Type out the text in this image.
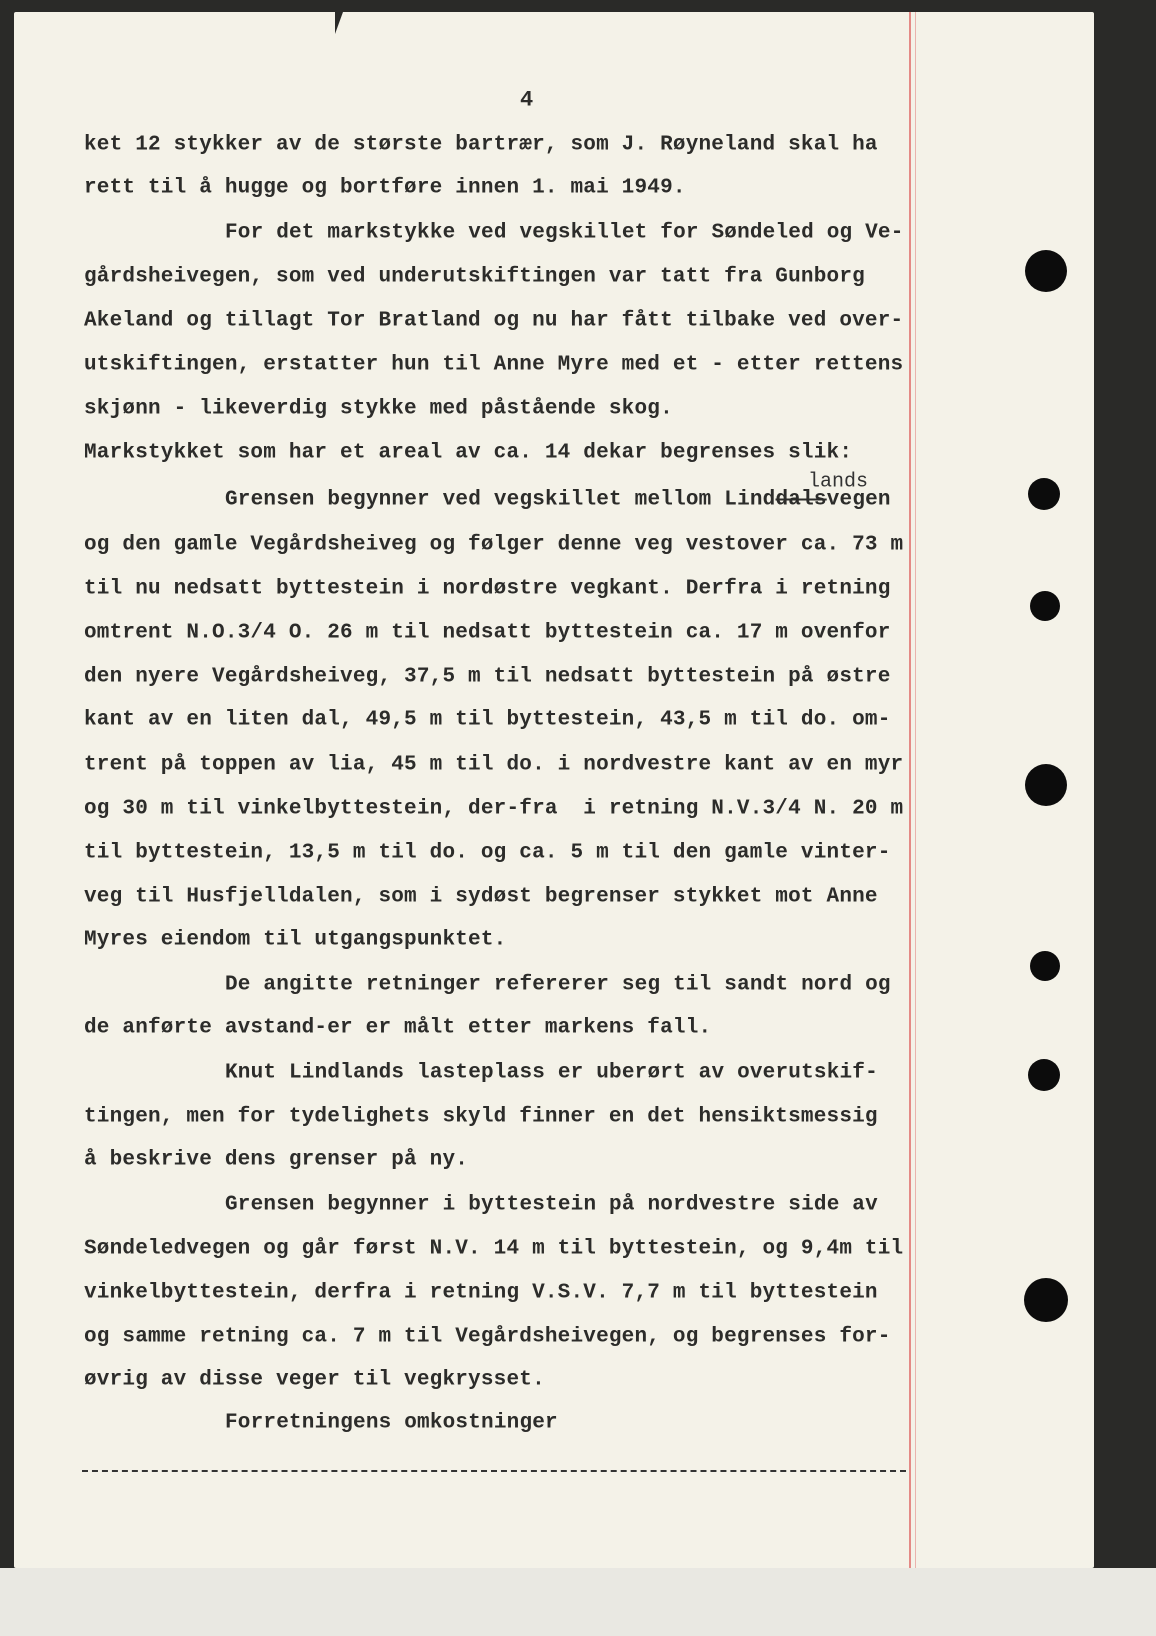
4
lands
ket 12 stykker av de største bartrær, som J. Røyneland skal ha
rett til å hugge og bortføre innen 1. mai 1949.
For det markstykke ved vegskillet for Søndeled og Ve-
gårdsheivegen, som ved underutskiftingen var tatt fra Gunborg
Akeland og tillagt Tor Bratland og nu har fått tilbake ved over-
utskiftingen, erstatter hun til Anne Myre med et - etter rettens
skjønn - likeverdig stykke med påstående skog.
Markstykket som har et areal av ca. 14 dekar begrenses slik:
og den gamle Vegårdsheiveg og følger denne veg vestover ca. 73 m
til nu nedsatt byttestein i nordøstre vegkant. Derfra i retning
omtrent N.O.3/4 O. 26 m til nedsatt byttestein ca. 17 m ovenfor
den nyere Vegårdsheiveg, 37,5 m til nedsatt byttestein på østre
kant av en liten dal, 49,5 m til byttestein, 43,5 m til do. om-
trent på toppen av lia, 45 m til do. i nordvestre kant av en myr
og 30 m til vinkelbyttestein, der-fra  i retning N.V.3/4 N. 20 m
til byttestein, 13,5 m til do. og ca. 5 m til den gamle vinter-
veg til Husfjelldalen, som i sydøst begrenser stykket mot Anne
Myres eiendom til utgangspunktet.
De angitte retninger refererer seg til sandt nord og
de anførte avstand-er er målt etter markens fall.
Knut Lindlands lasteplass er uberørt av overutskif-
tingen, men for tydelighets skyld finner en det hensiktsmessig
å beskrive dens grenser på ny.
Grensen begynner i byttestein på nordvestre side av
Søndeledvegen og går først N.V. 14 m til byttestein, og 9,4m til
vinkelbyttestein, derfra i retning V.S.V. 7,7 m til byttestein
og samme retning ca. 7 m til Vegårdsheivegen, og begrenses for-
øvrig av disse veger til vegkrysset.
Forretningens omkostninger
Grensen begynner ved vegskillet mellom Linddalsvegen
